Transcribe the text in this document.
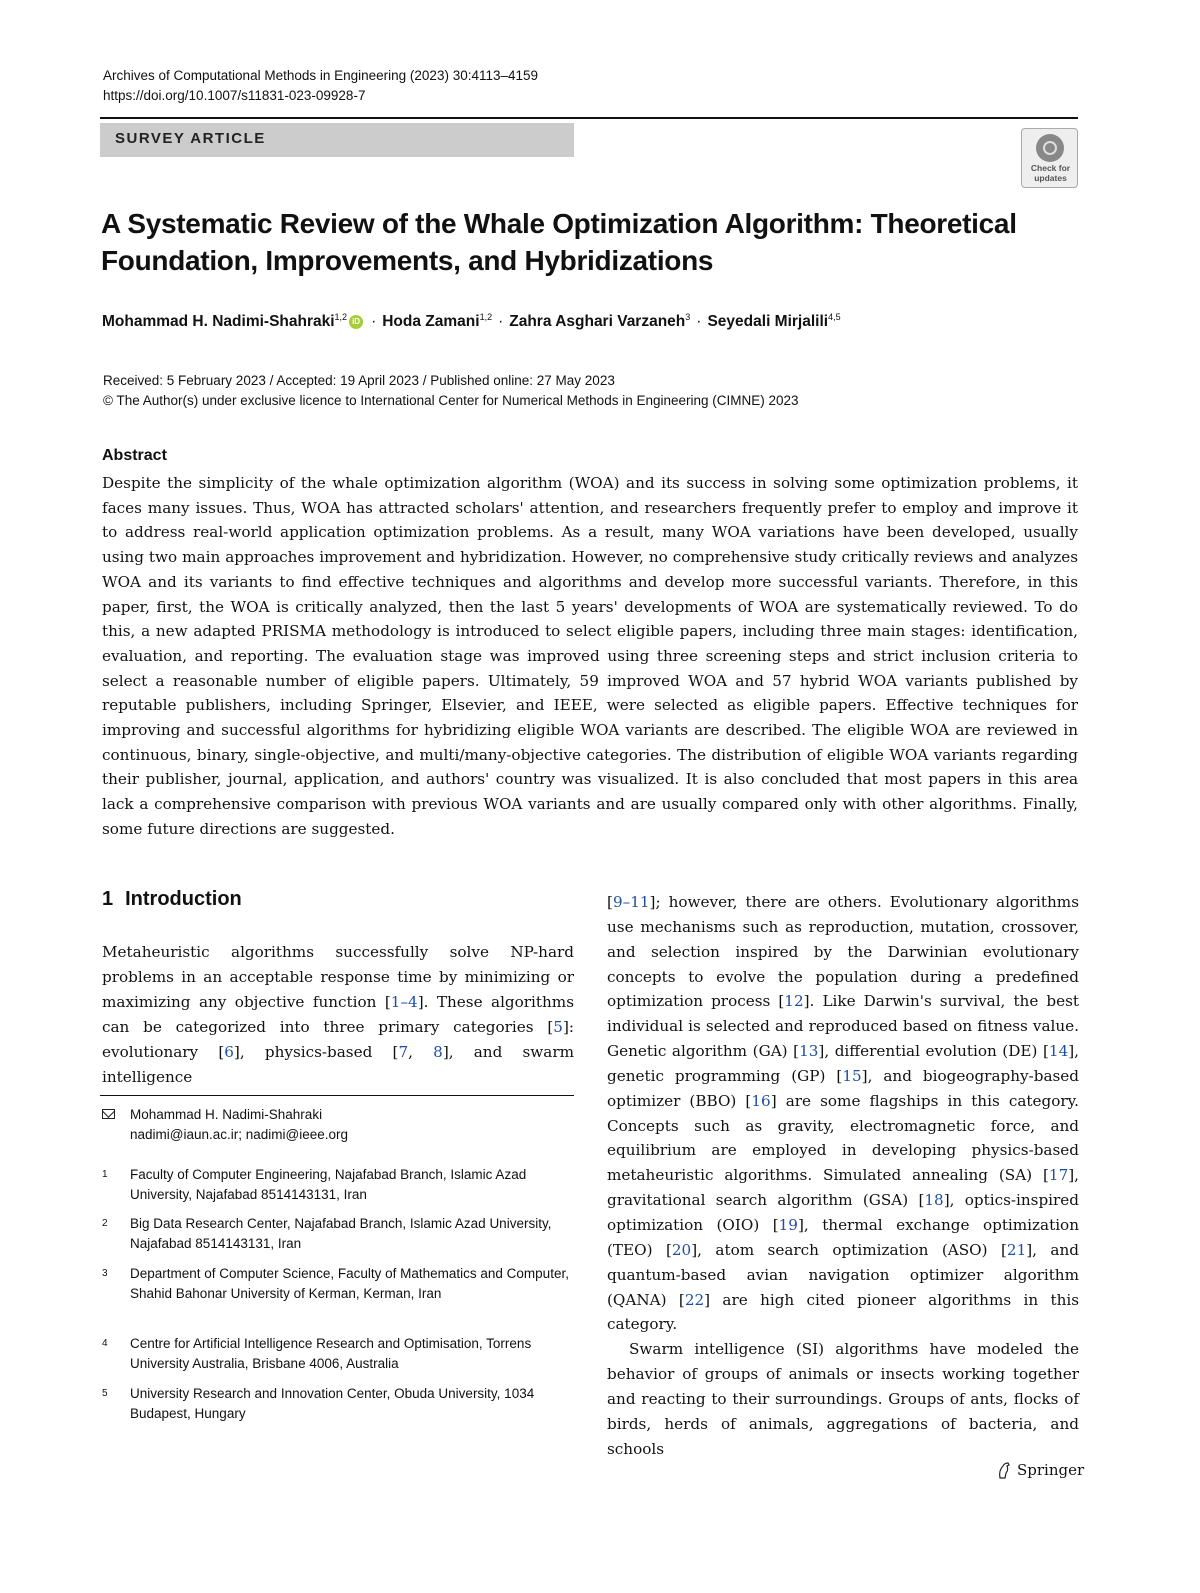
Archives of Computational Methods in Engineering (2023) 30:4113–4159
https://doi.org/10.1007/s11831-023-09928-7
SURVEY ARTICLE
Check for updates
A Systematic Review of the Whale Optimization Algorithm: Theoretical Foundation, Improvements, and Hybridizations
Mohammad H. Nadimi-Shahraki$^{1,2}$ iD · Hoda Zamani$^{1,2}$ · Zahra Asghari Varzaneh$^3$ · Seyedali Mirjalili$^{4,5}$
Received: 5 February 2023 / Accepted: 19 April 2023 / Published online: 27 May 2023
© The Author(s) under exclusive licence to International Center for Numerical Methods in Engineering (CIMNE) 2023
Abstract
Despite the simplicity of the whale optimization algorithm (WOA) and its success in solving some optimization problems, it faces many issues. Thus, WOA has attracted scholars' attention, and researchers frequently prefer to employ and improve it to address real-world application optimization problems. As a result, many WOA variations have been developed, usually using two main approaches improvement and hybridization. However, no comprehensive study critically reviews and analyzes WOA and its variants to find effective techniques and algorithms and develop more successful variants. Therefore, in this paper, first, the WOA is critically analyzed, then the last 5 years' developments of WOA are systematically reviewed. To do this, a new adapted PRISMA methodology is introduced to select eligible papers, including three main stages: identification, evaluation, and reporting. The evaluation stage was improved using three screening steps and strict inclusion criteria to select a reasonable number of eligible papers. Ultimately, 59 improved WOA and 57 hybrid WOA variants published by reputable publishers, including Springer, Elsevier, and IEEE, were selected as eligible papers. Effective techniques for improving and successful algorithms for hybridizing eligible WOA variants are described. The eligible WOA are reviewed in continuous, binary, single-objective, and multi/many-objective categories. The distribution of eligible WOA variants regarding their publisher, journal, application, and authors' country was visualized. It is also concluded that most papers in this area lack a comprehensive comparison with previous WOA variants and are usually compared only with other algorithms. Finally, some future directions are suggested.
1 Introduction
Metaheuristic algorithms successfully solve NP-hard problems in an acceptable response time by minimizing or maximizing any objective function [1–4]. These algorithms can be categorized into three primary categories [5]: evolutionary [6], physics-based [7, 8], and swarm intelligence
Mohammad H. Nadimi-Shahraki
nadimi@iaun.ac.ir; nadimi@ieee.org
1	Faculty of Computer Engineering, Najafabad Branch, Islamic Azad University, Najafabad 8514143131, Iran
2	Big Data Research Center, Najafabad Branch, Islamic Azad University, Najafabad 8514143131, Iran
3	Department of Computer Science, Faculty of Mathematics and Computer, Shahid Bahonar University of Kerman, Kerman, Iran
4	Centre for Artificial Intelligence Research and Optimisation, Torrens University Australia, Brisbane 4006, Australia
5	University Research and Innovation Center, Obuda University, 1034 Budapest, Hungary

[9–11]; however, there are others. Evolutionary algorithms use mechanisms such as reproduction, mutation, crossover, and selection inspired by the Darwinian evolutionary concepts to evolve the population during a predefined optimization process [12]. Like Darwin's survival, the best individual is selected and reproduced based on fitness value. Genetic algorithm (GA) [13], differential evolution (DE) [14], genetic programming (GP) [15], and biogeography-based optimizer (BBO) [16] are some flagships in this category. Concepts such as gravity, electromagnetic force, and equilibrium are employed in developing physics-based metaheuristic algorithms. Simulated annealing (SA) [17], gravitational search algorithm (GSA) [18], optics-inspired optimization (OIO) [19], thermal exchange optimization (TEO) [20], atom search optimization (ASO) [21], and quantum-based avian navigation optimizer algorithm (QANA) [22] are high cited pioneer algorithms in this category.

Swarm intelligence (SI) algorithms have modeled the behavior of groups of animals or insects working together and reacting to their surroundings. Groups of ants, flocks of birds, herds of animals, aggregations of bacteria, and schools

Springer
